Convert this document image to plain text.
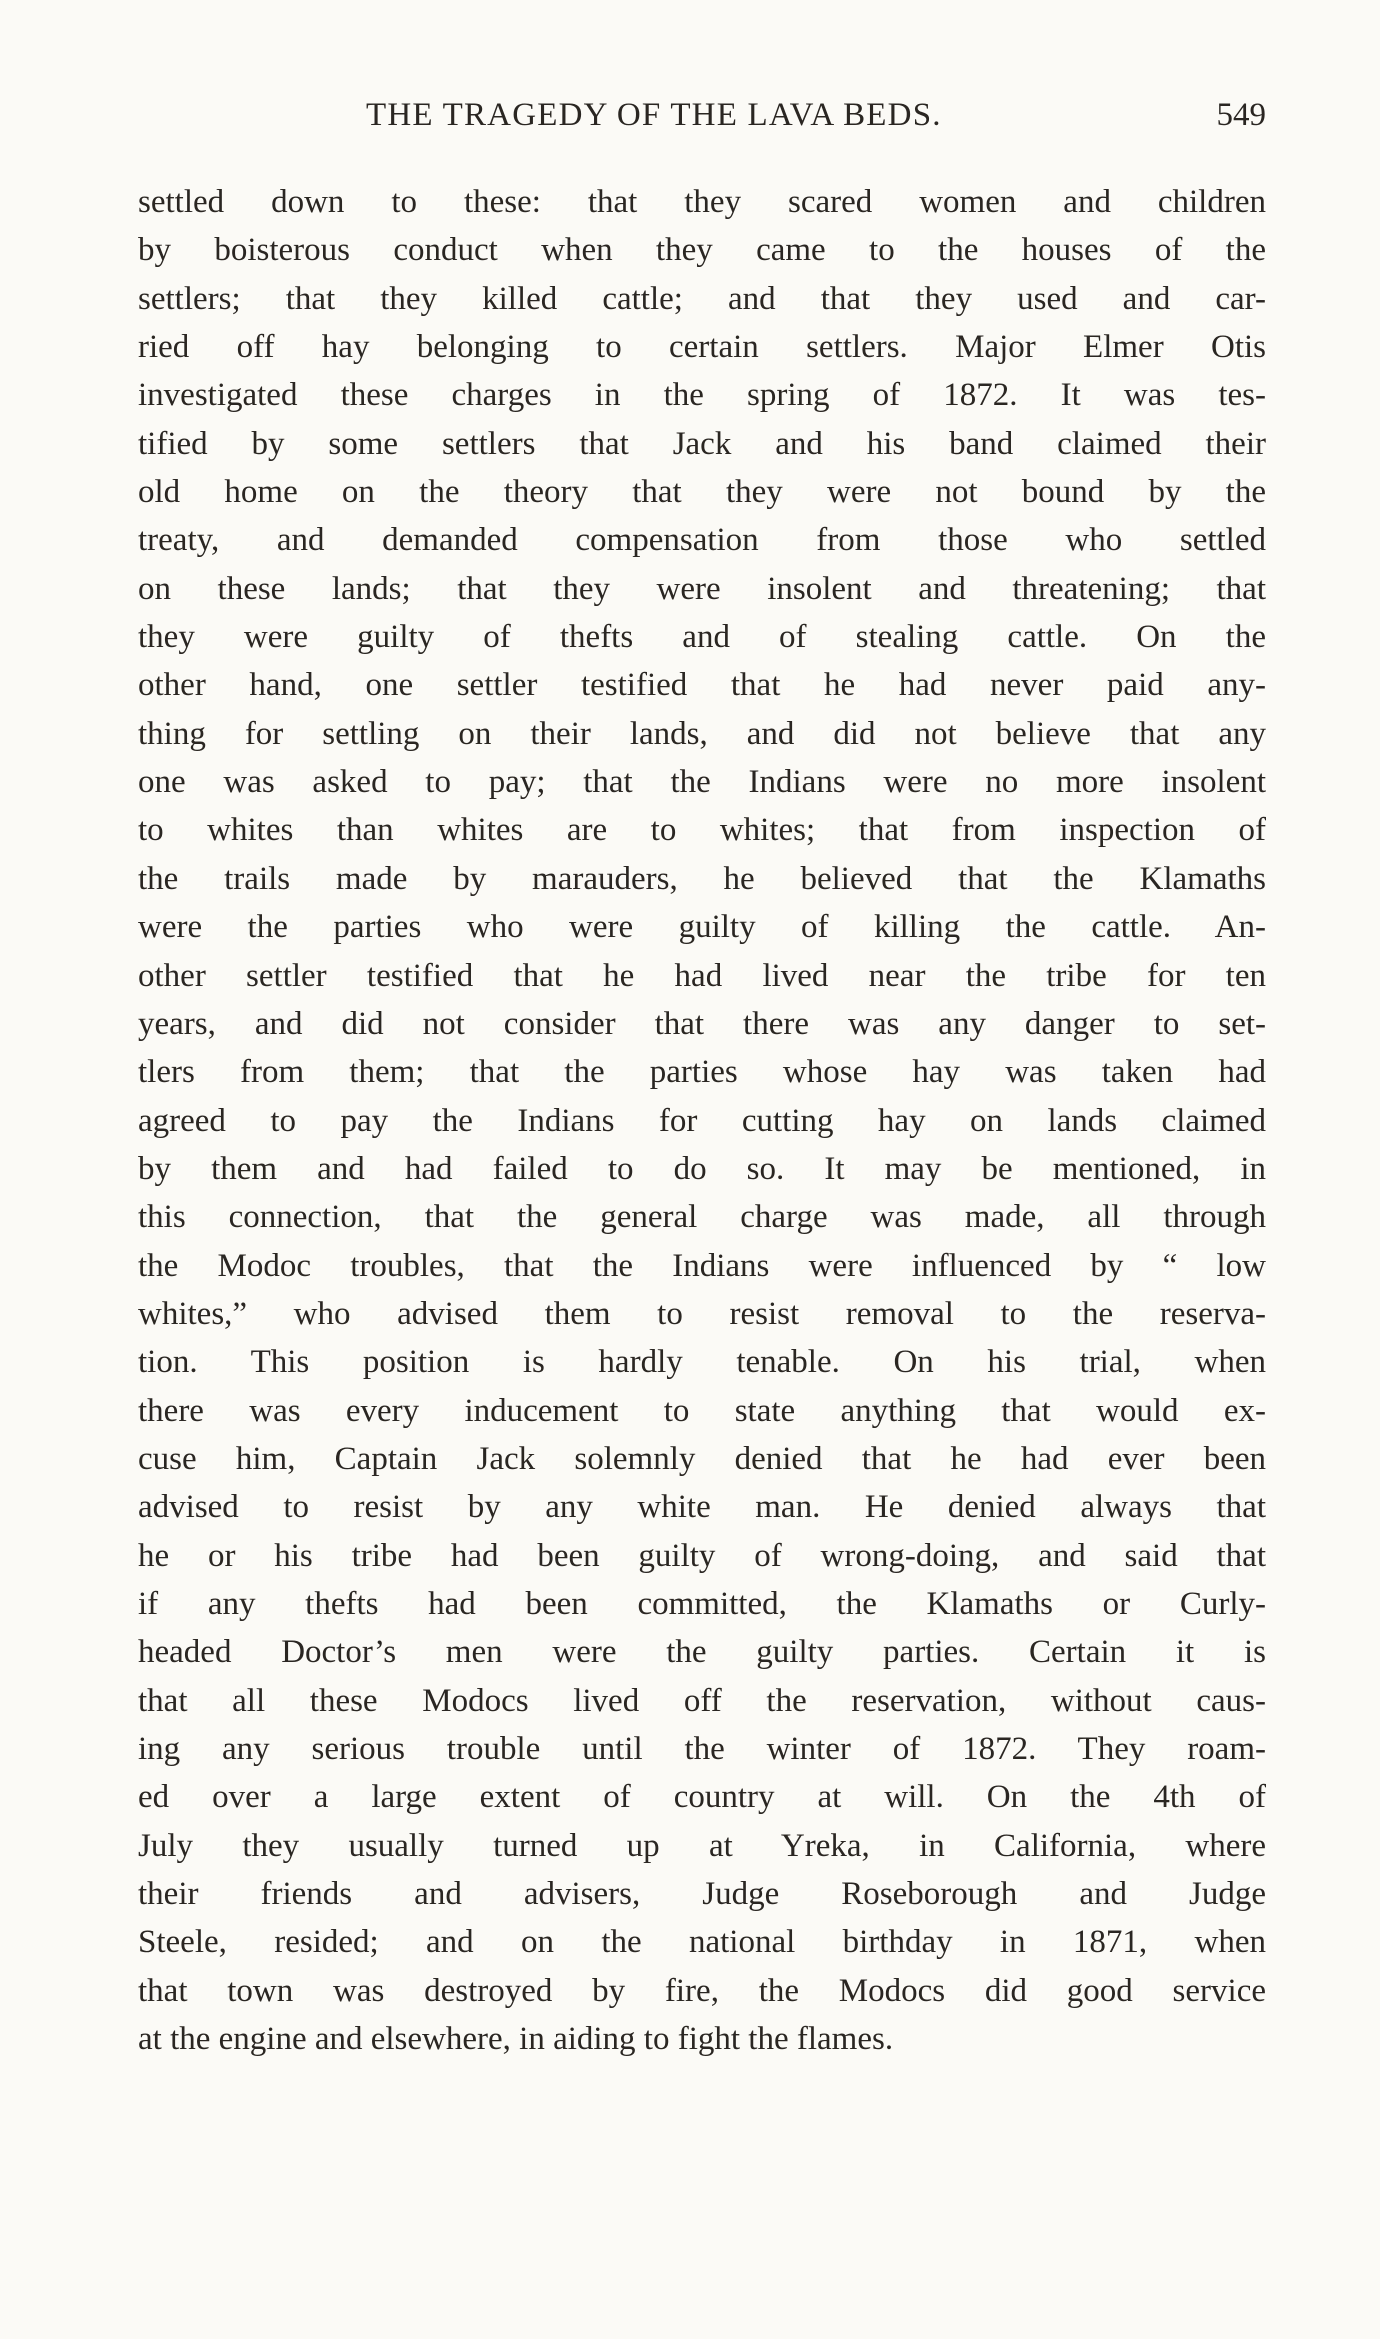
THE TRAGEDY OF THE LAVA BEDS.	549
settled down to these: that they scared women and children
by boisterous conduct when they came to the houses of the
settlers; that they killed cattle; and that they used and car-
ried off hay belonging to certain settlers. Major Elmer Otis
investigated these charges in the spring of 1872. It was tes-
tified by some settlers that Jack and his band claimed their
old home on the theory that they were not bound by the
treaty, and demanded compensation from those who settled
on these lands; that they were insolent and threatening; that
they were guilty of thefts and of stealing cattle. On the
other hand, one settler testified that he had never paid any-
thing for settling on their lands, and did not believe that any
one was asked to pay; that the Indians were no more insolent
to whites than whites are to whites; that from inspection of
the trails made by marauders, he believed that the Klamaths
were the parties who were guilty of killing the cattle. An-
other settler testified that he had lived near the tribe for ten
years, and did not consider that there was any danger to set-
tlers from them; that the parties whose hay was taken had
agreed to pay the Indians for cutting hay on lands claimed
by them and had failed to do so. It may be mentioned, in
this connection, that the general charge was made, all through
the Modoc troubles, that the Indians were influenced by “ low
whites,” who advised them to resist removal to the reserva-
tion. This position is hardly tenable. On his trial, when
there was every inducement to state anything that would ex-
cuse him, Captain Jack solemnly denied that he had ever been
advised to resist by any white man. He denied always that
he or his tribe had been guilty of wrong-doing, and said that
if any thefts had been committed, the Klamaths or Curly-
headed Doctor’s men were the guilty parties. Certain it is
that all these Modocs lived off the reservation, without caus-
ing any serious trouble until the winter of 1872. They roam-
ed over a large extent of country at will. On the 4th of
July they usually turned up at Yreka, in California, where
their friends and advisers, Judge Roseborough and Judge
Steele, resided; and on the national birthday in 1871, when
that town was destroyed by fire, the Modocs did good service
at the engine and elsewhere, in aiding to fight the flames.
